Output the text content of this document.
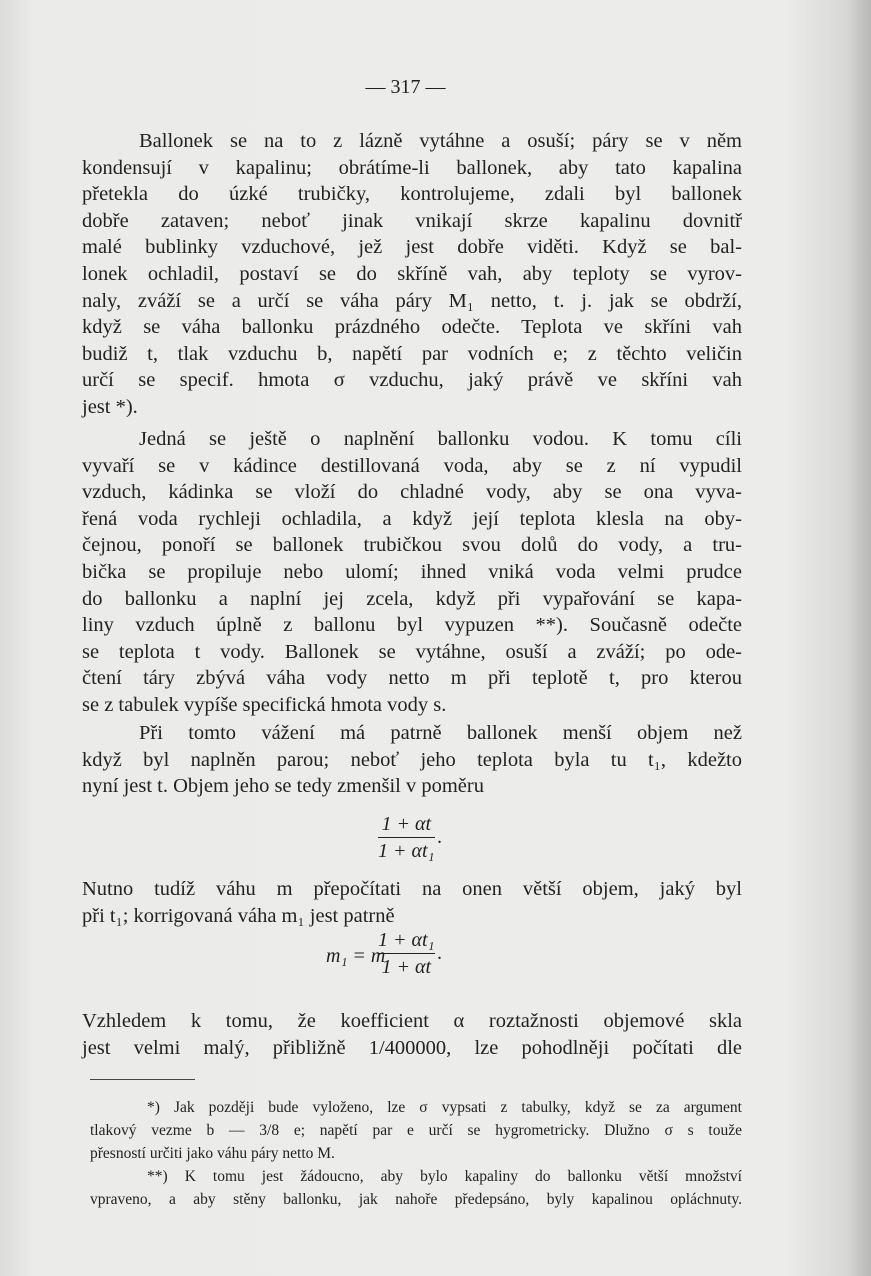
— 317 —
Ballonek se na to z lázně vytáhne a osuší; páry se v něm
kondensují v kapalinu; obrátíme-li ballonek, aby tato kapalina
přetekla do úzké trubičky, kontrolujeme, zdali byl ballonek
dobře zataven; neboť jinak vnikají skrze kapalinu dovnitř
malé bublinky vzduchové, jež jest dobře viděti. Když se bal-
lonek ochladil, postaví se do skříně vah, aby teploty se vyrov-
naly, zváží se a určí se váha páry M₁ netto, t. j. jak se obdrží,
když se váha ballonku prázdného odečte. Teplota ve skříni vah
budiž t, tlak vzduchu b, napětí par vodních e; z těchto veličin
určí se specif. hmota σ vzduchu, jaký právě ve skříni vah
jest *).
Jedná se ještě o naplnění ballonku vodou. K tomu cíli
vyvaří se v kádince destillovaná voda, aby se z ní vypudil
vzduch, kádinka se vloží do chladné vody, aby se ona vyva-
řená voda rychleji ochladila, a když její teplota klesla na oby-
čejnou, ponoří se ballonek trubičkou svou dolů do vody, a tru-
bička se propiluje nebo ulomí; ihned vniká voda velmi prudce
do ballonku a naplní jej zcela, když při vypařování se kapa-
liny vzduch úplně z ballonu byl vypuzen **). Současně odečte
se teplota t vody. Ballonek se vytáhne, osuší a zváží; po ode-
čtení táry zbývá váha vody netto m při teplotě t, pro kterou
se z tabulek vypíše specifická hmota vody s.
Při tomto vážení má patrně ballonek menší objem než
když byl naplněn parou; neboť jeho teplota byla tu t₁, kdežto
nyní jest t. Objem jeho se tedy zmenšil v poměru
1 + αt
1 + αt₁
.
Nutno tudíž váhu m přepočítati na onen větší objem, jaký byl
při t₁; korrigovaná váha m₁ jest patrně
m₁ = m
1 + αt₁
1 + αt
.
Vzhledem k tomu, že koefficient α roztažnosti objemové skla
jest velmi malý, přibližně 1/400000, lze pohodlněji počítati dle
*) Jak později bude vyloženo, lze σ vypsati z tabulky, když se za argument
tlakový vezme b — 3/8 e; napětí par e určí se hygrometricky. Dlužno σ s touže
přesností určiti jako váhu páry netto M.
**) K tomu jest žádoucno, aby bylo kapaliny do ballonku větší množství
vpraveno, a aby stěny ballonku, jak nahoře předepsáno, byly kapalinou opláchnuty.
